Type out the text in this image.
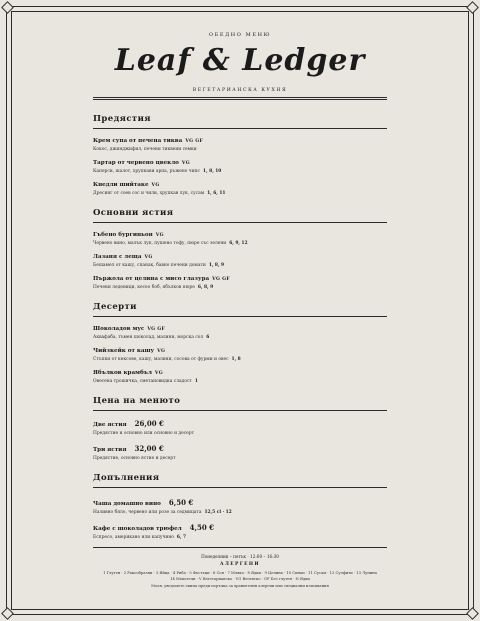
ОБЕДНО МЕНЮ
Leaf & Ledger
ВЕГЕТАРИАНСКА КУХНЯ
Предястия
Крем супа от печена тиква VG GF
Кокос, джинджифил, печени тиквени семки
Тартар от червено цвекло VG
Каперси, шалот, хрупкави арпа, ръжено чипс 1, 8, 10
Кнедли шийтаке VG
Дресинг от соев сос и чили, хрупкав лук, сусам 1, 6, 11
Основни ястия
Гъбено бургиньон VG
Червено вино, малък лук, пушено тофу, пюре със зелени 6, 9, 12
Лазаня с леща VG
Бешамел от кашу, спанак, бавно печени домати 1, 8, 9
Пържола от целина с мисо глазура VG GF
Печени леденици, кесео боб, ябълков пюре 6, 8, 9
Десерти
Шоколадов мус VG GF
Аквафаба, тъмен шоколад, малини, морска сол 6
Чийзкейк от кашу VG
Стъпки от кексове, кашу, малини, сосова от фурми и овес 1, 8
Ябълков крамбъл VG
Овесена трошичка, сметановидна сладост 1
Цена на менюто
Две ястия 26,00 €
Предястие и основно или основно и десерт
Три ястия 32,00 €
Предястие, основно ястие и десерт
Допълнения
Чаша домашно вино 6,50 €
Наливно бяло, червено или розе за седмицата 12,5 cl · 12
Кафе с шоколадов трюфел 4,50 €
Еспресо, американо или капучино 6, 7
Понеделник – петък · 12:00 – 16:30
АЛЕРГЕНИ
1 Глутен · 2 Ракообразни · 3 Яйца · 4 Риба · 5 Фъстъци · 6 Соя · 7 Мляко · 8 Ядки · 9 Целина · 10 Синап · 11 Сусам · 12 Сулфити · 13 Лупина
14 Мекотели · V Вегетарианско · VG Веганско · GF Без глутен · N Ядки
Моля, уведомете екипа преди поръчка за хранителни алергии или специални изисквания
